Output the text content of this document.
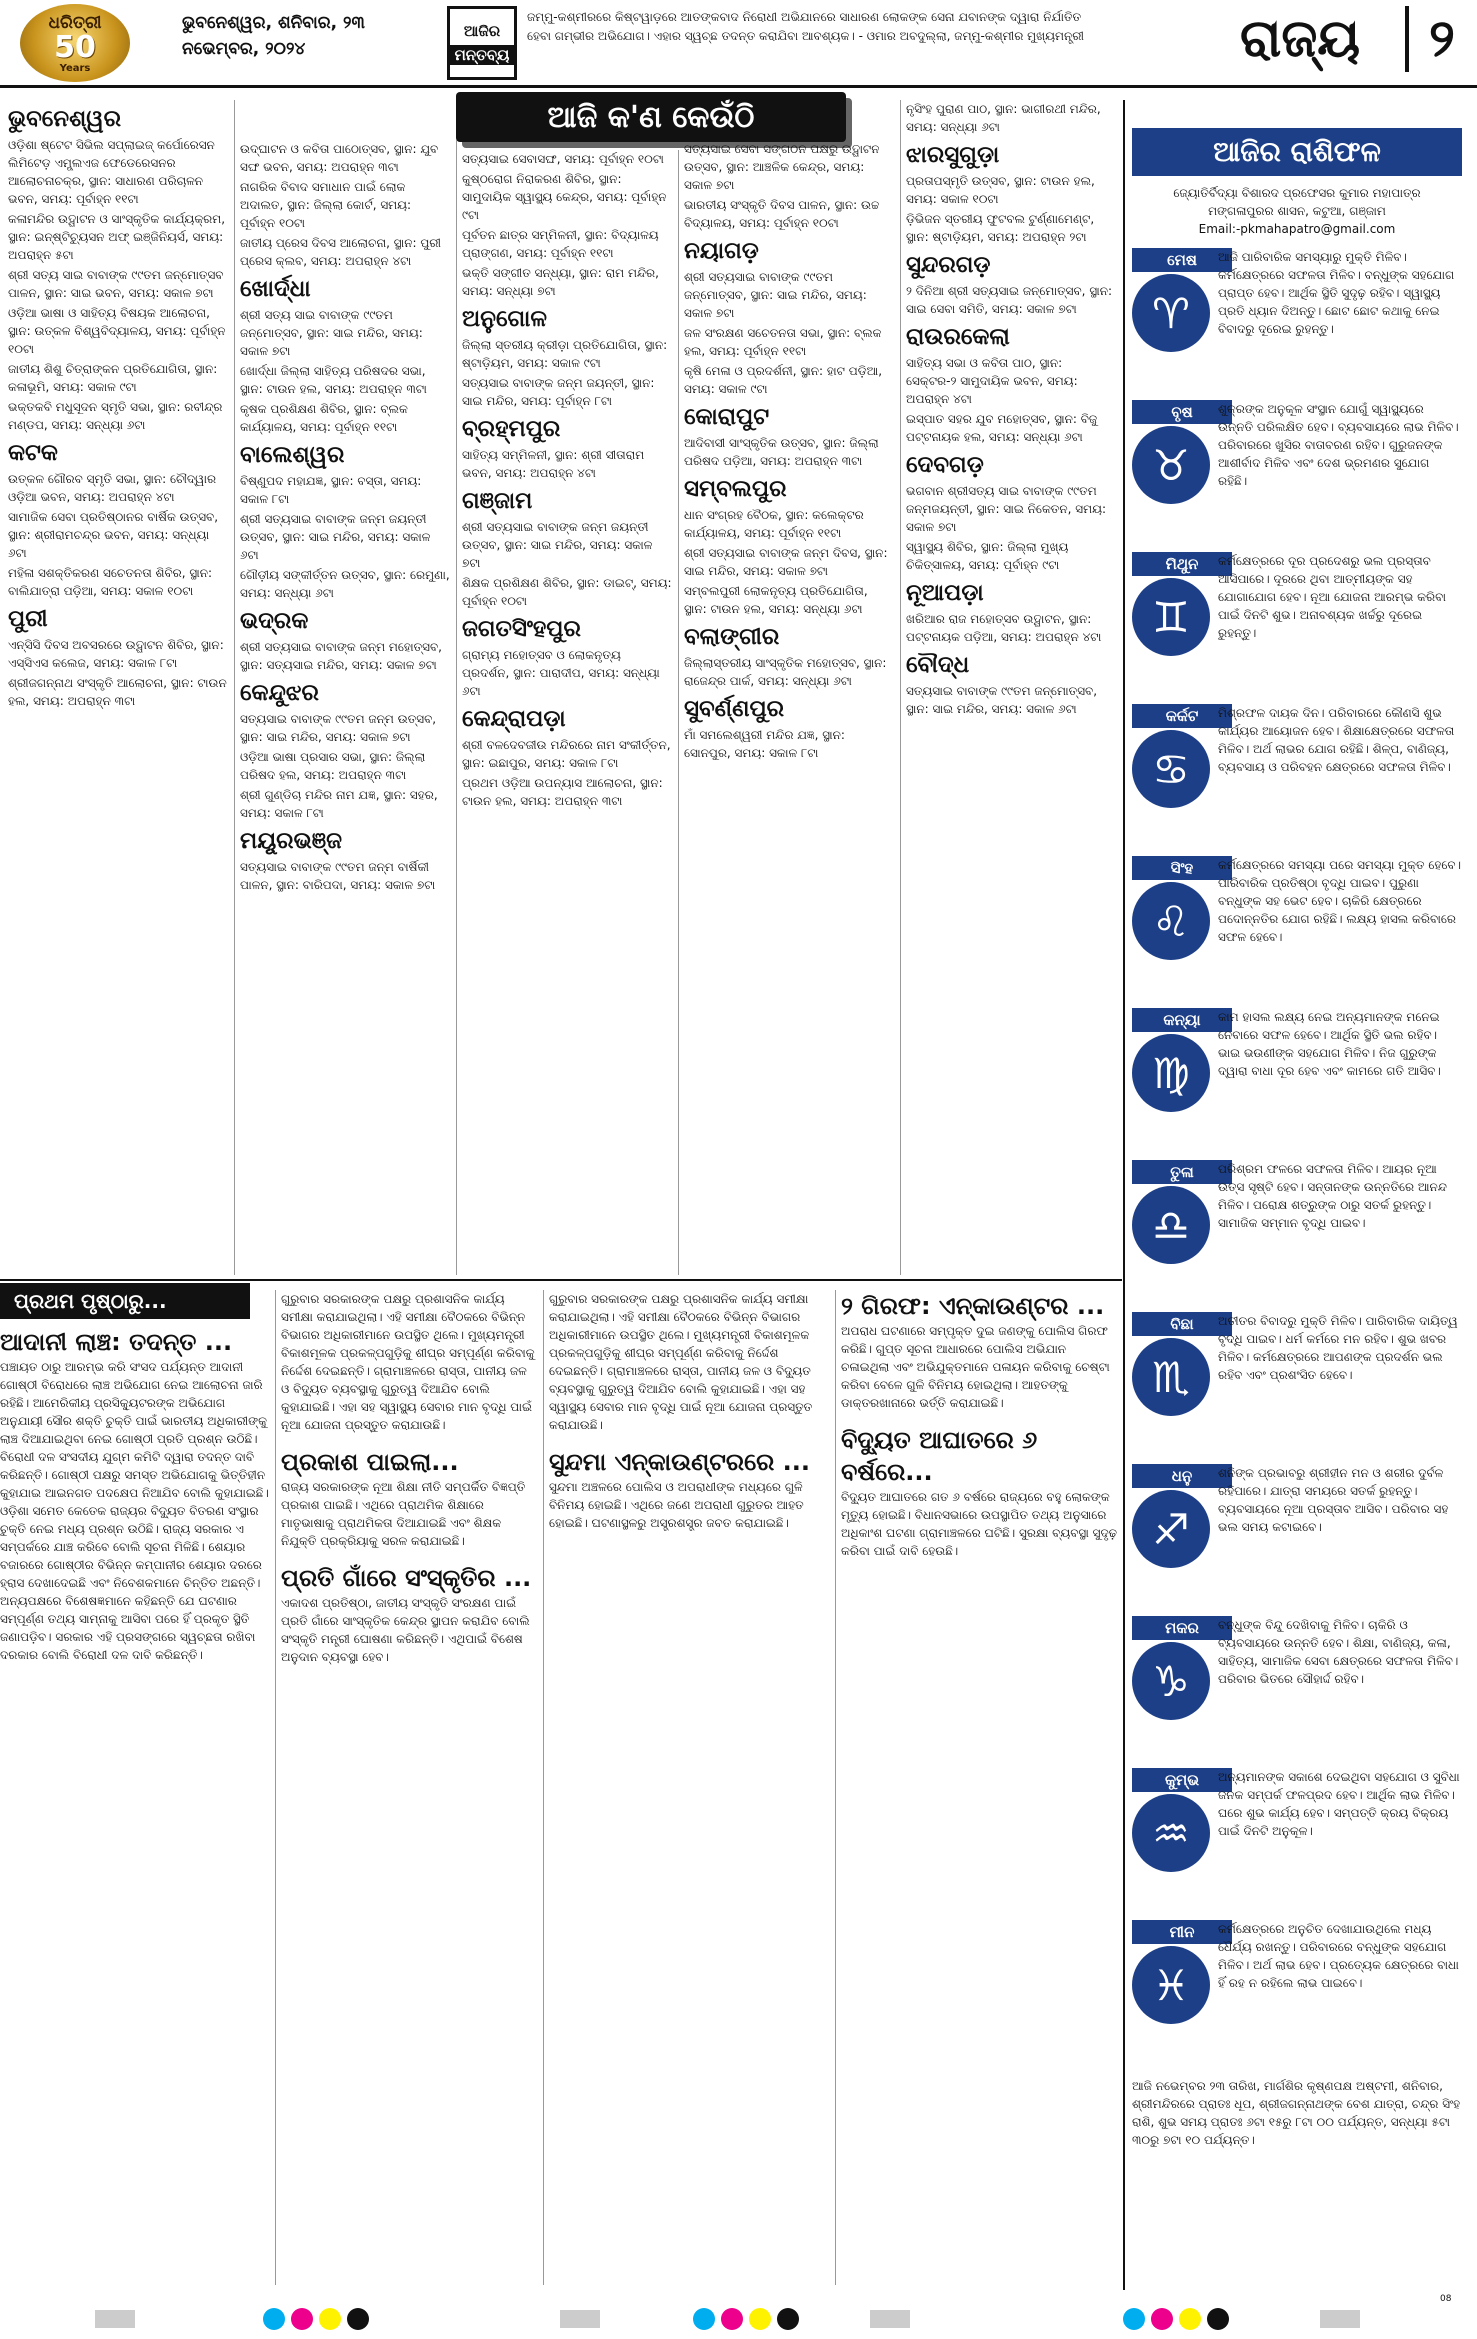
ଧରିତ୍ରୀ
50
Years
ଭୁବନେଶ୍ୱର, ଶନିବାର, ୨୩ ନଭେମ୍ବର, ୨୦୨୪
ଆଜିର
ମନ୍ତବ୍ୟ
ଜମ୍ମୁ-କଶ୍ମୀରରେ କିଷ୍ଟୱାଡ଼ରେ ଆତଙ୍କବାଦ ନିରୋଧୀ ଅଭିଯାନରେ ସାଧାରଣ ଲୋକଙ୍କ ସେନା ଯବାନଙ୍କ ଦ୍ୱାରା ନିର୍ଯାତିତ ହେବା ଗମ୍ଭୀର ଅଭିଯୋଗ। ଏହାର ସ୍ୱଚ୍ଛ ତଦନ୍ତ କରାଯିବା ଆବଶ୍ୟକ। - ଓମାର ଅବଦୁଲ୍ଲା, ଜମ୍ମୁ-କଶ୍ମୀର ମୁଖ୍ୟମନ୍ତ୍ରୀ	ରାଜ୍ୟ	୨
ଆଜି କ'ଣ କେଉଁଠି
ଭୁବନେଶ୍ୱର

ଓଡ଼ିଶା ଷ୍ଟେଟ ସିଭିଲ ସପ୍ଲାଇଜ୍ କର୍ପୋରେସନ ଲିମିଟେଡ଼ ଏମ୍ପ୍ଲଏଜ ଫେଡେରେସନର ଆଲୋଚନାଚକ୍ର, ସ୍ଥାନ: ସାଧାରଣ ପରିଚାଳନ ଭବନ, ସମୟ: ପୂର୍ବାହ୍ନ ୧୧ଟା

କଳାମନ୍ଦିର ଉଦ୍ଘାଟନ ଓ ସାଂସ୍କୃତିକ କାର୍ଯ୍ୟକ୍ରମ, ସ୍ଥାନ: ଇନ୍‌ଷ୍ଟିଚ୍ୟୁସନ ଅଫ୍ ଇଞ୍ଜିନିୟର୍ସ, ସମୟ: ଅପରାହ୍ନ ୫ଟା

ଶ୍ରୀ ସତ୍ୟ ସାଇ ବାବାଙ୍କ ୯୯ତମ ଜନ୍ମୋତ୍ସବ ପାଳନ, ସ୍ଥାନ: ସାଇ ଭବନ, ସମୟ: ସକାଳ ୭ଟା

ଓଡ଼ିଆ ଭାଷା ଓ ସାହିତ୍ୟ ବିଷୟକ ଆଲୋଚନା, ସ୍ଥାନ: ଉତ୍କଳ ବିଶ୍ୱବିଦ୍ୟାଳୟ, ସମୟ: ପୂର୍ବାହ୍ନ ୧୦ଟା

ଜାତୀୟ ଶିଶୁ ଚିତ୍ରାଙ୍କନ ପ୍ରତିଯୋଗିତା, ସ୍ଥାନ: କଳାଭୂମି, ସମୟ: ସକାଳ ୯ଟା

ଭକ୍ତକବି ମଧୁସୂଦନ ସ୍ମୃତି ସଭା, ସ୍ଥାନ: ରବୀନ୍ଦ୍ର ମଣ୍ଡପ, ସମୟ: ସନ୍ଧ୍ୟା ୬ଟା

କଟକ

ଉତ୍କଳ ଗୌରବ ସ୍ମୃତି ସଭା, ସ୍ଥାନ: ଚୌଦ୍ୱାର ଓଡ଼ିଆ ଭବନ, ସମୟ: ଅପରାହ୍ନ ୪ଟା

ସାମାଜିକ ସେବା ପ୍ରତିଷ୍ଠାନର ବାର୍ଷିକ ଉତ୍ସବ, ସ୍ଥାନ: ଶ୍ରୀରାମଚନ୍ଦ୍ର ଭବନ, ସମୟ: ସନ୍ଧ୍ୟା ୬ଟା

ମହିଳା ସଶକ୍ତିକରଣ ସଚେତନତା ଶିବିର, ସ୍ଥାନ: ବାଲିଯାତ୍ରା ପଡ଼ିଆ, ସମୟ: ସକାଳ ୧୦ଟା

ପୁରୀ

ଏନ୍‌ସିସି ଦିବସ ଅବସରରେ ଉଦ୍ଘାଟନ ଶିବିର, ସ୍ଥାନ: ଏସ୍‌ସିଏସ କଲେଜ, ସମୟ: ସକାଳ ୮ଟା

ଶ୍ରୀଜଗନ୍ନାଥ ସଂସ୍କୃତି ଆଲୋଚନା, ସ୍ଥାନ: ଟାଉନ ହଲ, ସମୟ: ଅପରାହ୍ନ ୩ଟା

ଉଦ୍‌ଘାଟନ ଓ କବିତା ପାଠୋତ୍ସବ, ସ୍ଥାନ: ଯୁବ ସଙ୍ଘ ଭବନ, ସମୟ: ଅପରାହ୍ନ ୩ଟା

ନାଗରିକ ବିବାଦ ସମାଧାନ ପାଇଁ ଲୋକ ଅଦାଲତ, ସ୍ଥାନ: ଜିଲ୍ଲା କୋର୍ଟ, ସମୟ: ପୂର୍ବାହ୍ନ ୧୦ଟା

ଜାତୀୟ ପ୍ରେସ ଦିବସ ଆଲୋଚନା, ସ୍ଥାନ: ପୁରୀ ପ୍ରେସ କ୍ଲବ, ସମୟ: ଅପରାହ୍ନ ୪ଟା

ଖୋର୍ଦ୍ଧା

ଶ୍ରୀ ସତ୍ୟ ସାଇ ବାବାଙ୍କ ୯୯ତମ ଜନ୍ମୋତ୍ସବ, ସ୍ଥାନ: ସାଇ ମନ୍ଦିର, ସମୟ: ସକାଳ ୭ଟା

ଖୋର୍ଦ୍ଧା ଜିଲ୍ଲା ସାହିତ୍ୟ ପରିଷଦର ସଭା, ସ୍ଥାନ: ଟାଉନ ହଲ, ସମୟ: ଅପରାହ୍ନ ୩ଟା

କୃଷକ ପ୍ରଶିକ୍ଷଣ ଶିବିର, ସ୍ଥାନ: ବ୍ଲକ କାର୍ଯ୍ୟାଳୟ, ସମୟ: ପୂର୍ବାହ୍ନ ୧୧ଟା

ବାଲେଶ୍ୱର

ବିଷ୍ଣୁପଦ ମହାଯଜ୍ଞ, ସ୍ଥାନ: ବସ୍ତା, ସମୟ: ସକାଳ ୮ଟା

ଶ୍ରୀ ସତ୍ୟସାଇ ବାବାଙ୍କ ଜନ୍ମ ଜୟନ୍ତୀ ଉତ୍ସବ, ସ୍ଥାନ: ସାଇ ମନ୍ଦିର, ସମୟ: ସକାଳ ୬ଟା

ଗୌଡ଼ୀୟ ସଙ୍କୀର୍ତ୍ତନ ଉତ୍ସବ, ସ୍ଥାନ: ରେମୁଣା, ସମୟ: ସନ୍ଧ୍ୟା ୬ଟା

ଭଦ୍ରକ

ଶ୍ରୀ ସତ୍ୟସାଇ ବାବାଙ୍କ ଜନ୍ମ ମହୋତ୍ସବ, ସ୍ଥାନ: ସତ୍ୟସାଇ ମନ୍ଦିର, ସମୟ: ସକାଳ ୭ଟା

କେନ୍ଦୁଝର

ସତ୍ୟସାଇ ବାବାଙ୍କ ୯୯ତମ ଜନ୍ମ ଉତ୍ସବ, ସ୍ଥାନ: ସାଇ ମନ୍ଦିର, ସମୟ: ସକାଳ ୭ଟା

ଓଡ଼ିଆ ଭାଷା ପ୍ରସାର ସଭା, ସ୍ଥାନ: ଜିଲ୍ଲା ପରିଷଦ ହଲ, ସମୟ: ଅପରାହ୍ନ ୩ଟା

ଶ୍ରୀ ଗୁଣ୍ଡିଚା ମନ୍ଦିର ନାମ ଯଜ୍ଞ, ସ୍ଥାନ: ସହର, ସମୟ: ସକାଳ ୮ଟା

ମୟୂରଭଞ୍ଜ

ସତ୍ୟସାଇ ବାବାଙ୍କ ୯୯ତମ ଜନ୍ମ ବାର୍ଷିକୀ ପାଳନ, ସ୍ଥାନ: ବାରିପଦା, ସମୟ: ସକାଳ ୭ଟା

ସତ୍ୟସାଇ ସେବାସଙ୍ଘ, ସମୟ: ପୂର୍ବାହ୍ନ ୧୦ଟା

କୁଷ୍ଠରୋଗ ନିରାକରଣ ଶିବିର, ସ୍ଥାନ: ସାମୁଦାୟିକ ସ୍ୱାସ୍ଥ୍ୟ କେନ୍ଦ୍ର, ସମୟ: ପୂର୍ବାହ୍ନ ୯ଟା

ପୂର୍ବତନ ଛାତ୍ର ସମ୍ମିଳନୀ, ସ୍ଥାନ: ବିଦ୍ୟାଳୟ ପ୍ରାଙ୍ଗଣ, ସମୟ: ପୂର୍ବାହ୍ନ ୧୧ଟା

ଭକ୍ତି ସଙ୍ଗୀତ ସନ୍ଧ୍ୟା, ସ୍ଥାନ: ରାମ ମନ୍ଦିର, ସମୟ: ସନ୍ଧ୍ୟା ୭ଟା

ଅନୁଗୋଳ

ଜିଲ୍ଲା ସ୍ତରୀୟ କ୍ରୀଡ଼ା ପ୍ରତିଯୋଗିତା, ସ୍ଥାନ: ଷ୍ଟାଡ଼ିୟମ, ସମୟ: ସକାଳ ୯ଟା

ସତ୍ୟସାଇ ବାବାଙ୍କ ଜନ୍ମ ଜୟନ୍ତୀ, ସ୍ଥାନ: ସାଇ ମନ୍ଦିର, ସମୟ: ପୂର୍ବାହ୍ନ ୮ଟା

ବ୍ରହ୍ମପୁର

ସାହିତ୍ୟ ସମ୍ମିଳନୀ, ସ୍ଥାନ: ଶ୍ରୀ ସୀତାରାମ ଭବନ, ସମୟ: ଅପରାହ୍ନ ୪ଟା

ଗଞ୍ଜାମ

ଶ୍ରୀ ସତ୍ୟସାଇ ବାବାଙ୍କ ଜନ୍ମ ଜୟନ୍ତୀ ଉତ୍ସବ, ସ୍ଥାନ: ସାଇ ମନ୍ଦିର, ସମୟ: ସକାଳ ୭ଟା

ଶିକ୍ଷକ ପ୍ରଶିକ୍ଷଣ ଶିବିର, ସ୍ଥାନ: ଡାଇଟ୍, ସମୟ: ପୂର୍ବାହ୍ନ ୧୦ଟା

ଜଗତସିଂହପୁର

ଗ୍ରାମ୍ୟ ମହୋତ୍ସବ ଓ ଲୋକନୃତ୍ୟ ପ୍ରଦର୍ଶନ, ସ୍ଥାନ: ପାରାଦୀପ, ସମୟ: ସନ୍ଧ୍ୟା ୬ଟା

କେନ୍ଦ୍ରାପଡ଼ା

ଶ୍ରୀ ବଳଦେବଜୀଉ ମନ୍ଦିରରେ ନାମ ସଂକୀର୍ତ୍ତନ, ସ୍ଥାନ: ଇଛାପୁର, ସମୟ: ସକାଳ ୮ଟା

ପ୍ରଥମ ଓଡ଼ିଆ ଉପନ୍ୟାସ ଆଲୋଚନା, ସ୍ଥାନ: ଟାଉନ ହଲ, ସମୟ: ଅପରାହ୍ନ ୩ଟା

ସତ୍ୟସାଇ ସେବା ସଙ୍ଗଠନ ପକ୍ଷରୁ ଉଦ୍ଘାଟନ ଉତ୍ସବ, ସ୍ଥାନ: ଆଞ୍ଚଳିକ କେନ୍ଦ୍ର, ସମୟ: ସକାଳ ୭ଟା

ଭାରତୀୟ ସଂସ୍କୃତି ଦିବସ ପାଳନ, ସ୍ଥାନ: ଉଚ୍ଚ ବିଦ୍ୟାଳୟ, ସମୟ: ପୂର୍ବାହ୍ନ ୧୦ଟା

ନୟାଗଡ଼

ଶ୍ରୀ ସତ୍ୟସାଇ ବାବାଙ୍କ ୯୯ତମ ଜନ୍ମୋତ୍ସବ, ସ୍ଥାନ: ସାଇ ମନ୍ଦିର, ସମୟ: ସକାଳ ୭ଟା

ଜଳ ସଂରକ୍ଷଣ ସଚେତନତା ସଭା, ସ୍ଥାନ: ବ୍ଲକ ହଲ, ସମୟ: ପୂର୍ବାହ୍ନ ୧୧ଟା

କୃଷି ମେଳା ଓ ପ୍ରଦର୍ଶନୀ, ସ୍ଥାନ: ହାଟ ପଡ଼ିଆ, ସମୟ: ସକାଳ ୯ଟା

କୋରାପୁଟ

ଆଦିବାସୀ ସାଂସ୍କୃତିକ ଉତ୍ସବ, ସ୍ଥାନ: ଜିଲ୍ଲା ପରିଷଦ ପଡ଼ିଆ, ସମୟ: ଅପରାହ୍ନ ୩ଟା

ସମ୍ବଲପୁର

ଧାନ ସଂଗ୍ରହ ବୈଠକ, ସ୍ଥାନ: କଲେକ୍ଟର କାର୍ଯ୍ୟାଳୟ, ସମୟ: ପୂର୍ବାହ୍ନ ୧୧ଟା

ଶ୍ରୀ ସତ୍ୟସାଇ ବାବାଙ୍କ ଜନ୍ମ ଦିବସ, ସ୍ଥାନ: ସାଇ ମନ୍ଦିର, ସମୟ: ସକାଳ ୭ଟା

ସମ୍ବଲପୁରୀ ଲୋକନୃତ୍ୟ ପ୍ରତିଯୋଗିତା, ସ୍ଥାନ: ଟାଉନ ହଲ, ସମୟ: ସନ୍ଧ୍ୟା ୬ଟା

ବଲାଙ୍ଗୀର

ଜିଲ୍ଲାସ୍ତରୀୟ ସାଂସ୍କୃତିକ ମହୋତ୍ସବ, ସ୍ଥାନ: ରାଜେନ୍ଦ୍ର ପାର୍କ, ସମୟ: ସନ୍ଧ୍ୟା ୬ଟା

ସୁବର୍ଣ୍ଣପୁର

ମାଁ ସମଲେଶ୍ୱରୀ ମନ୍ଦିର ଯଜ୍ଞ, ସ୍ଥାନ: ସୋନପୁର, ସମୟ: ସକାଳ ୮ଟା

ନୃସିଂହ ପୁରାଣ ପାଠ, ସ୍ଥାନ: ଭାଗୀରଥୀ ମନ୍ଦିର, ସମୟ: ସନ୍ଧ୍ୟା ୬ଟା

ଝାରସୁଗୁଡ଼ା

ପ୍ରତାପସ୍ମୃତି ଉତ୍ସବ, ସ୍ଥାନ: ଟାଉନ ହଲ, ସମୟ: ସକାଳ ୧୦ଟା

ଡ଼ିଭିଜନ ସ୍ତରୀୟ ଫୁଟବଲ ଟୁର୍ଣ୍ଣାମେଣ୍ଟ, ସ୍ଥାନ: ଷ୍ଟାଡ଼ିୟମ, ସମୟ: ଅପରାହ୍ନ ୨ଟା

ସୁନ୍ଦରଗଡ଼

୨ ଦିନିଆ ଶ୍ରୀ ସତ୍ୟସାଇ ଜନ୍ମୋତ୍ସବ, ସ୍ଥାନ: ସାଇ ସେବା ସମିତି, ସମୟ: ସକାଳ ୭ଟା

ରାଉରକେଲା

ସାହିତ୍ୟ ସଭା ଓ କବିତା ପାଠ, ସ୍ଥାନ: ସେକ୍ଟର-୨ ସାମୁଦାୟିକ ଭବନ, ସମୟ: ଅପରାହ୍ନ ୪ଟା

ଇସ୍ପାତ ସହର ଯୁବ ମହୋତ୍ସବ, ସ୍ଥାନ: ବିଜୁ ପଟ୍ଟନାୟକ ହଲ, ସମୟ: ସନ୍ଧ୍ୟା ୬ଟା

ଦେବଗଡ଼

ଭଗବାନ ଶ୍ରୀସତ୍ୟ ସାଇ ବାବାଙ୍କ ୯୯ତମ ଜନ୍ମଜୟନ୍ତୀ, ସ୍ଥାନ: ସାଇ ନିକେତନ, ସମୟ: ସକାଳ ୭ଟା

ସ୍ୱାସ୍ଥ୍ୟ ଶିବିର, ସ୍ଥାନ: ଜିଲ୍ଲା ମୁଖ୍ୟ ଚିକିତ୍ସାଳୟ, ସମୟ: ପୂର୍ବାହ୍ନ ୯ଟା

ନୂଆପଡ଼ା

ଖରିଆର ରାଜ ମହୋତ୍ସବ ଉଦ୍ଘାଟନ, ସ୍ଥାନ: ପଟ୍ଟନାୟକ ପଡ଼ିଆ, ସମୟ: ଅପରାହ୍ନ ୪ଟା

ବୌଦ୍ଧ

ସତ୍ୟସାଇ ବାବାଙ୍କ ୯୯ତମ ଜନ୍ମୋତ୍ସବ, ସ୍ଥାନ: ସାଇ ମନ୍ଦିର, ସମୟ: ସକାଳ ୬ଟା

ପ୍ରଥମ ପୃଷ୍ଠାରୁ...
ଆଦାନୀ ଲାଞ୍ଚ: ତଦନ୍ତ ...
ପଞ୍ଚାୟତ ଠାରୁ ଆରମ୍ଭ କରି ସଂସଦ ପର୍ଯ୍ୟନ୍ତ ଆଦାନୀ ଗୋଷ୍ଠୀ ବିରୋଧରେ ଲାଞ୍ଚ ଅଭିଯୋଗ ନେଇ ଆଲୋଚନା ଜାରି ରହିଛି। ଆମେରିକୀୟ ପ୍ରସିକ୍ୟୁଟରଙ୍କ ଅଭିଯୋଗ ଅନୁଯାୟୀ ସୌର ଶକ୍ତି ଚୁକ୍ତି ପାଇଁ ଭାରତୀୟ ଅଧିକାରୀଙ୍କୁ ଲାଞ୍ଚ ଦିଆଯାଇଥିବା ନେଇ ଗୋଷ୍ଠୀ ପ୍ରତି ପ୍ରଶ୍ନ ଉଠିଛି। ବିରୋଧୀ ଦଳ ସଂସଦୀୟ ଯୁଗ୍ମ କମିଟି ଦ୍ୱାରା ତଦନ୍ତ ଦାବି କରିଛନ୍ତି। ଗୋଷ୍ଠୀ ପକ୍ଷରୁ ସମସ୍ତ ଅଭିଯୋଗକୁ ଭିତ୍ତିହୀନ କୁହାଯାଇ ଆଇନଗତ ପଦକ୍ଷେପ ନିଆଯିବ ବୋଲି କୁହାଯାଇଛି। ଓଡ଼ିଶା ସମେତ କେତେକ ରାଜ୍ୟର ବିଦ୍ୟୁତ ବିତରଣ ସଂସ୍ଥାର ଚୁକ୍ତି ନେଇ ମଧ୍ୟ ପ୍ରଶ୍ନ ଉଠିଛି। ରାଜ୍ୟ ସରକାର ଏ ସମ୍ପର୍କରେ ଯାଞ୍ଚ କରିବେ ବୋଲି ସୂଚନା ମିଳିଛି। ଶେୟାର ବଜାରରେ ଗୋଷ୍ଠୀର ବିଭିନ୍ନ କମ୍ପାନୀର ଶେୟାର ଦରରେ ହ୍ରାସ ଦେଖାଦେଇଛି ଏବଂ ନିବେଶକମାନେ ଚିନ୍ତିତ ଅଛନ୍ତି। ଅନ୍ୟପକ୍ଷରେ ବିଶେଷଜ୍ଞମାନେ କହିଛନ୍ତି ଯେ ଘଟଣାର ସମ୍ପୂର୍ଣ୍ଣ ତଥ୍ୟ ସାମ୍ନାକୁ ଆସିବା ପରେ ହିଁ ପ୍ରକୃତ ସ୍ଥିତି ଜଣାପଡ଼ିବ। ସରକାର ଏହି ପ୍ରସଙ୍ଗରେ ସ୍ୱଚ୍ଛତା ରଖିବା ଦରକାର ବୋଲି ବିରୋଧୀ ଦଳ ଦାବି କରିଛନ୍ତି।
ଗୁରୁବାର ସରକାରଙ୍କ ପକ୍ଷରୁ ପ୍ରଶାସନିକ କାର୍ଯ୍ୟ ସମୀକ୍ଷା କରାଯାଇଥିଲା। ଏହି ସମୀକ୍ଷା ବୈଠକରେ ବିଭିନ୍ନ ବିଭାଗର ଅଧିକାରୀମାନେ ଉପସ୍ଥିତ ଥିଲେ। ମୁଖ୍ୟମନ୍ତ୍ରୀ ବିକାଶମୂଳକ ପ୍ରକଳ୍ପଗୁଡ଼ିକୁ ଶୀଘ୍ର ସମ୍ପୂର୍ଣ୍ଣ କରିବାକୁ ନିର୍ଦ୍ଦେଶ ଦେଇଛନ୍ତି। ଗ୍ରାମାଞ୍ଚଳରେ ରାସ୍ତା, ପାନୀୟ ଜଳ ଓ ବିଦ୍ୟୁତ ବ୍ୟବସ୍ଥାକୁ ଗୁରୁତ୍ୱ ଦିଆଯିବ ବୋଲି କୁହାଯାଇଛି। ଏହା ସହ ସ୍ୱାସ୍ଥ୍ୟ ସେବାର ମାନ ବୃଦ୍ଧି ପାଇଁ ନୂଆ ଯୋଜନା ପ୍ରସ୍ତୁତ କରାଯାଉଛି।
ପ୍ରକାଶ ପାଇଲା...
ରାଜ୍ୟ ସରକାରଙ୍କ ନୂଆ ଶିକ୍ଷା ନୀତି ସମ୍ପର୍କିତ ବିଜ୍ଞପ୍ତି ପ୍ରକାଶ ପାଇଛି। ଏଥିରେ ପ୍ରାଥମିକ ଶିକ୍ଷାରେ ମାତୃଭାଷାକୁ ପ୍ରାଥମିକତା ଦିଆଯାଇଛି ଏବଂ ଶିକ୍ଷକ ନିଯୁକ୍ତି ପ୍ରକ୍ରିୟାକୁ ସରଳ କରାଯାଇଛି।
ପ୍ରତି ଗାଁରେ ସଂସ୍କୃତିର ...
ଏକାଦଶ ପ୍ରତିଷ୍ଠା, ଜାତୀୟ ସଂସ୍କୃତି ସଂରକ୍ଷଣ ପାଇଁ ପ୍ରତି ଗାଁରେ ସାଂସ୍କୃତିକ କେନ୍ଦ୍ର ସ୍ଥାପନ କରାଯିବ ବୋଲି ସଂସ୍କୃତି ମନ୍ତ୍ରୀ ଘୋଷଣା କରିଛନ୍ତି। ଏଥିପାଇଁ ବିଶେଷ ଅନୁଦାନ ବ୍ୟବସ୍ଥା ହେବ।
ଗୁରୁବାର ସରକାରଙ୍କ ପକ୍ଷରୁ ପ୍ରଶାସନିକ କାର୍ଯ୍ୟ ସମୀକ୍ଷା କରାଯାଇଥିଲା। ଏହି ସମୀକ୍ଷା ବୈଠକରେ ବିଭିନ୍ନ ବିଭାଗର ଅଧିକାରୀମାନେ ଉପସ୍ଥିତ ଥିଲେ। ମୁଖ୍ୟମନ୍ତ୍ରୀ ବିକାଶମୂଳକ ପ୍ରକଳ୍ପଗୁଡ଼ିକୁ ଶୀଘ୍ର ସମ୍ପୂର୍ଣ୍ଣ କରିବାକୁ ନିର୍ଦ୍ଦେଶ ଦେଇଛନ୍ତି। ଗ୍ରାମାଞ୍ଚଳରେ ରାସ୍ତା, ପାନୀୟ ଜଳ ଓ ବିଦ୍ୟୁତ ବ୍ୟବସ୍ଥାକୁ ଗୁରୁତ୍ୱ ଦିଆଯିବ ବୋଲି କୁହାଯାଇଛି। ଏହା ସହ ସ୍ୱାସ୍ଥ୍ୟ ସେବାର ମାନ ବୃଦ୍ଧି ପାଇଁ ନୂଆ ଯୋଜନା ପ୍ରସ୍ତୁତ କରାଯାଉଛି।
ସୁନ୍ଦମା ଏନ୍‌କାଉଣ୍ଟରରେ ...
ସୁନ୍ଦମା ଅଞ୍ଚଳରେ ପୋଲିସ ଓ ଅପରାଧୀଙ୍କ ମଧ୍ୟରେ ଗୁଳି ବିନିମୟ ହୋଇଛି। ଏଥିରେ ଜଣେ ଅପରାଧୀ ଗୁରୁତର ଆହତ ହୋଇଛି। ଘଟଣାସ୍ଥଳରୁ ଅସ୍ତ୍ରଶସ୍ତ୍ର ଜବତ କରାଯାଇଛି।
୨ ଗିରଫ: ଏନ୍‌କାଉଣ୍ଟର ...
ଅପରାଧ ଘଟଣାରେ ସମ୍ପୃକ୍ତ ଦୁଇ ଜଣଙ୍କୁ ପୋଲିସ ଗିରଫ କରିଛି। ଗୁପ୍ତ ସୂଚନା ଆଧାରରେ ପୋଲିସ ଅଭିଯାନ ଚଳାଇଥିଲା ଏବଂ ଅଭିଯୁକ୍ତମାନେ ପଳାୟନ କରିବାକୁ ଚେଷ୍ଟା କରିବା ବେଳେ ଗୁଳି ବିନିମୟ ହୋଇଥିଲା। ଆହତଙ୍କୁ ଡାକ୍ତରଖାନାରେ ଭର୍ତ୍ତି କରାଯାଇଛି।
ବିଦ୍ୟୁତ ଆଘାତରେ ୬ ବର୍ଷରେ...
ବିଦ୍ୟୁତ ଆଘାତରେ ଗତ ୬ ବର୍ଷରେ ରାଜ୍ୟରେ ବହୁ ଲୋକଙ୍କ ମୃତ୍ୟୁ ହୋଇଛି। ବିଧାନସଭାରେ ଉପସ୍ଥାପିତ ତଥ୍ୟ ଅନୁସାରେ ଅଧିକାଂଶ ଘଟଣା ଗ୍ରାମାଞ୍ଚଳରେ ଘଟିଛି। ସୁରକ୍ଷା ବ୍ୟବସ୍ଥା ସୁଦୃଢ଼ କରିବା ପାଇଁ ଦାବି ହେଉଛି।
ଆଜିର ରାଶିଫଳ
ଜ୍ୟୋତିର୍ବିଦ୍ୟା ବିଶାରଦ ପ୍ରଫେସର କୁମାର ମହାପାତ୍ର
ମଙ୍ଗଳାପୁରର ଶାସନ, କଟୁଆ, ଗଞ୍ଜାମ
Email:-pkmahapatro@gmail.com
ମେଷ
♈
ଆଜି ପାରିବାରିକ ସମସ୍ୟାରୁ ମୁକ୍ତି ମିଳିବ। କର୍ମକ୍ଷେତ୍ରରେ ସଫଳତା ମିଳିବ। ବନ୍ଧୁଙ୍କ ସହଯୋଗ ପ୍ରାପ୍ତ ହେବ। ଆର୍ଥିକ ସ୍ଥିତି ସୁଦୃଢ଼ ରହିବ। ସ୍ୱାସ୍ଥ୍ୟ ପ୍ରତି ଧ୍ୟାନ ଦିଅନ୍ତୁ। ଛୋଟ ଛୋଟ କଥାକୁ ନେଇ ବିବାଦରୁ ଦୂରେଇ ରୁହନ୍ତୁ।
ବୃଷ
♉
ଶୁକ୍ରଙ୍କ ଅନୁକୂଳ ସଂସ୍ଥାନ ଯୋଗୁଁ ସ୍ୱାସ୍ଥ୍ୟରେ ଉନ୍ନତି ପରିଲକ୍ଷିତ ହେବ। ବ୍ୟବସାୟରେ ଲାଭ ମିଳିବ। ପରିବାରରେ ଖୁସିର ବାତାବରଣ ରହିବ। ଗୁରୁଜନଙ୍କ ଆଶୀର୍ବାଦ ମିଳିବ ଏବଂ ଦେଶ ଭ୍ରମଣର ସୁଯୋଗ ରହିଛି।
ମିଥୁନ
♊
କର୍ମକ୍ଷେତ୍ରରେ ଦୂର ପ୍ରଦେଶରୁ ଭଲ ପ୍ରସ୍ତାବ ଆସିପାରେ। ଦୂରରେ ଥିବା ଆତ୍ମୀୟଙ୍କ ସହ ଯୋଗାଯୋଗ ହେବ। ନୂଆ ଯୋଜନା ଆରମ୍ଭ କରିବା ପାଇଁ ଦିନଟି ଶୁଭ। ଅନାବଶ୍ୟକ ଖର୍ଚ୍ଚରୁ ଦୂରେଇ ରୁହନ୍ତୁ।
କର୍କଟ
♋
ମିଶ୍ରଫଳ ଦାୟକ ଦିନ। ପରିବାରରେ କୌଣସି ଶୁଭ କାର୍ଯ୍ୟର ଆୟୋଜନ ହେବ। ଶିକ୍ଷାକ୍ଷେତ୍ରରେ ସଫଳତା ମିଳିବ। ଅର୍ଥ ଲାଭର ଯୋଗ ରହିଛି। ଶିଳ୍ପ, ବାଣିଜ୍ୟ, ବ୍ୟବସାୟ ଓ ପରିବହନ କ୍ଷେତ୍ରରେ ସଫଳତା ମିଳିବ।
ସିଂହ
♌
କର୍ମକ୍ଷେତ୍ରରେ ସମସ୍ୟା ପରେ ସମସ୍ୟା ମୁକ୍ତ ହେବେ। ପାରିବାରିକ ପ୍ରତିଷ୍ଠା ବୃଦ୍ଧି ପାଇବ। ପୁରୁଣା ବନ୍ଧୁଙ୍କ ସହ ଭେଟ ହେବ। ଚାକିରି କ୍ଷେତ୍ରରେ ପଦୋନ୍ନତିର ଯୋଗ ରହିଛି। ଲକ୍ଷ୍ୟ ହାସଲ କରିବାରେ ସଫଳ ହେବେ।
କନ୍ୟା
♍
କାମ ହାସଲ ଲକ୍ଷ୍ୟ ନେଇ ଅନ୍ୟମାନଙ୍କ ମନେଇ ନେବାରେ ସଫଳ ହେବେ। ଆର୍ଥିକ ସ୍ଥିତି ଭଲ ରହିବ। ଭାଇ ଭଉଣୀଙ୍କ ସହଯୋଗ ମିଳିବ। ନିଜ ଗୁରୁଙ୍କ ଦ୍ୱାରା ବାଧା ଦୂର ହେବ ଏବଂ କାମରେ ଗତି ଆସିବ।
ତୁଳା
♎
ପରିଶ୍ରମ ଫଳରେ ସଫଳତା ମିଳିବ। ଆୟର ନୂଆ ଉତ୍ସ ସୃଷ୍ଟି ହେବ। ସନ୍ତାନଙ୍କ ଉନ୍ନତିରେ ଆନନ୍ଦ ମିଳିବ। ପରୋକ୍ଷ ଶତ୍ରୁଙ୍କ ଠାରୁ ସତର୍କ ରୁହନ୍ତୁ। ସାମାଜିକ ସମ୍ମାନ ବୃଦ୍ଧି ପାଇବ।
ବିଛା
♏
ଅତୀତର ବିବାଦରୁ ମୁକ୍ତି ମିଳିବ। ପାରିବାରିକ ଦାୟିତ୍ୱ ବୃଦ୍ଧି ପାଇବ। ଧର୍ମ କର୍ମରେ ମନ ରହିବ। ଶୁଭ ଖବର ମିଳିବ। କର୍ମକ୍ଷେତ୍ରରେ ଆପଣଙ୍କ ପ୍ରଦର୍ଶନ ଭଲ ରହିବ ଏବଂ ପ୍ରଶଂସିତ ହେବେ।
ଧନୁ
♐
ଶନିଙ୍କ ପ୍ରଭାବରୁ ଶ୍ରୀହୀନ ମନ ଓ ଶରୀର ଦୁର୍ବଳ ରହିପାରେ। ଯାତ୍ରା ସମୟରେ ସତର୍କ ରୁହନ୍ତୁ। ବ୍ୟବସାୟରେ ନୂଆ ପ୍ରସ୍ତାବ ଆସିବ। ପରିବାର ସହ ଭଲ ସମୟ କଟାଇବେ।
ମକର
♑
ବନ୍ଧୁଙ୍କ ବିନ୍ଦୁ ଦେଖିବାକୁ ମିଳିବ। ଚାକିରି ଓ ବ୍ୟବସାୟରେ ଉନ୍ନତି ହେବ। ଶିକ୍ଷା, ବାଣିଜ୍ୟ, କଳା, ସାହିତ୍ୟ, ସାମାଜିକ ସେବା କ୍ଷେତ୍ରରେ ସଫଳତା ମିଳିବ। ପରିବାର ଭିତରେ ସୌହାର୍ଦ୍ଦ ରହିବ।
କୁମ୍ଭ
♒
ଅନ୍ୟମାନଙ୍କ ସକାଶେ ଦେଇଥିବା ସହଯୋଗ ଓ ସୁବିଧା ଜନକ ସମ୍ପର୍କ ଫଳପ୍ରଦ ହେବ। ଆର୍ଥିକ ଲାଭ ମିଳିବ। ଘରେ ଶୁଭ କାର୍ଯ୍ୟ ହେବ। ସମ୍ପତ୍ତି କ୍ରୟ ବିକ୍ରୟ ପାଇଁ ଦିନଟି ଅନୁକୂଳ।
ମୀନ
♓
କର୍ମକ୍ଷେତ୍ରରେ ଅନୁଚିତ ଦେଖାଯାଉଥିଲେ ମଧ୍ୟ ଧୈର୍ଯ୍ୟ ରଖନ୍ତୁ। ପରିବାରରେ ବନ୍ଧୁଙ୍କ ସହଯୋଗ ମିଳିବ। ଅର୍ଥ ଲାଭ ହେବ। ପ୍ରତ୍ୟେକ କ୍ଷେତ୍ରରେ ବାଧା ହିଁ ରହ ନ ରହିଲେ ଲାଭ ପାଇବେ।
ଆଜି ନଭେମ୍ବର ୨୩ ତାରିଖ, ମାର୍ଗଶିର କୃଷ୍ଣପକ୍ଷ ଅଷ୍ଟମୀ, ଶନିବାର, ଶ୍ରୀମନ୍ଦିରରେ ପ୍ରାତଃ ଧୂପ, ଶ୍ରୀଜଗନ୍ନାଥଙ୍କ ବେଶ ଯାତ୍ରା, ଚନ୍ଦ୍ର ସିଂହ ରାଶି, ଶୁଭ ସମୟ ପ୍ରାତଃ ୬ଟା ୧୫ରୁ ୮ଟା ୦୦ ପର୍ଯ୍ୟନ୍ତ, ସନ୍ଧ୍ୟା ୫ଟା ୩୦ରୁ ୭ଟା ୧୦ ପର୍ଯ୍ୟନ୍ତ।
08
